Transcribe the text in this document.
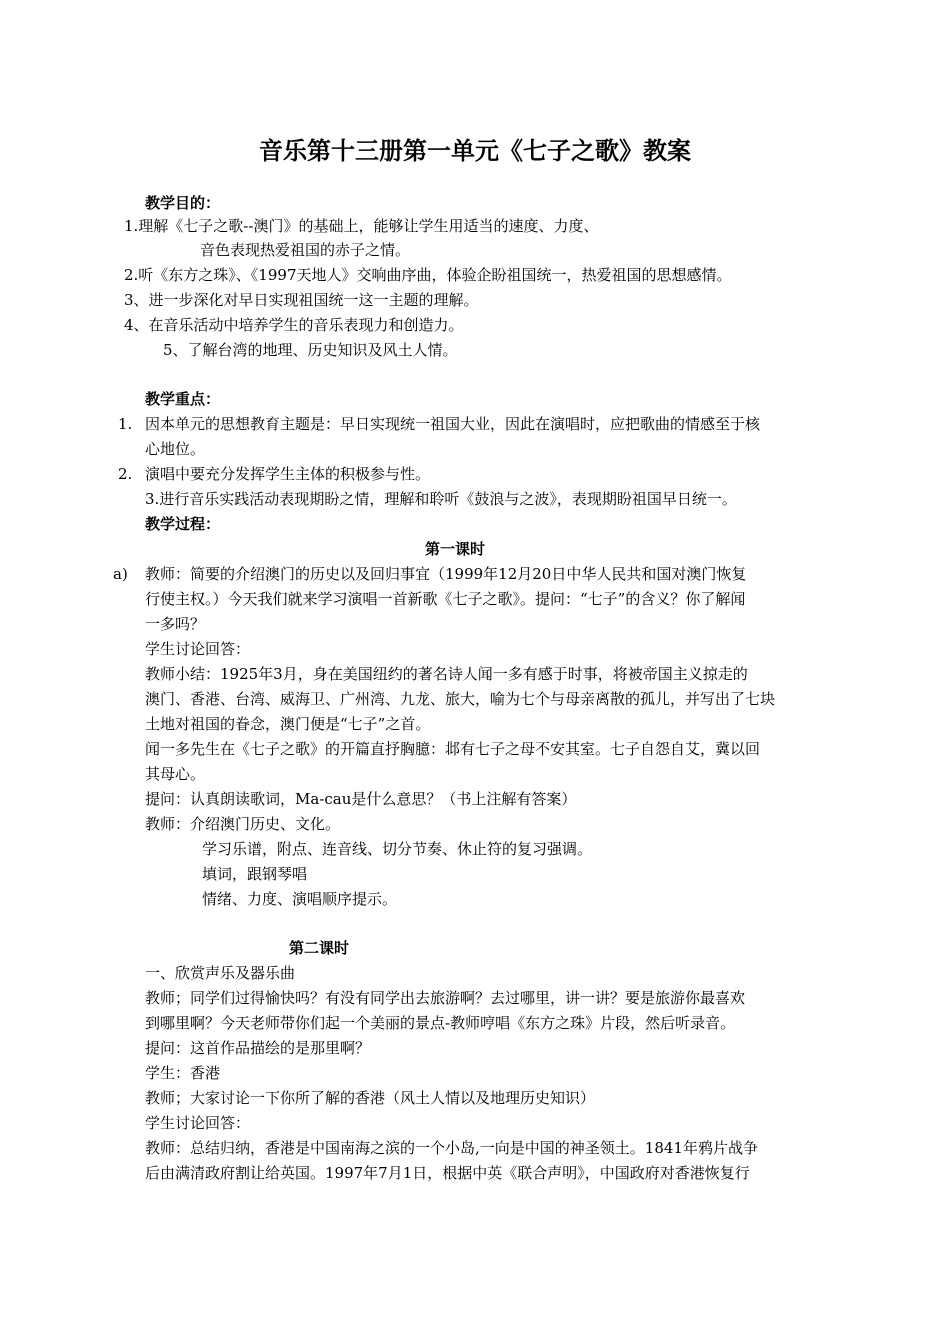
音乐第十三册第一单元《七子之歌》教案
教学目的：
1.理解《七子之歌--澳门》的基础上，能够让学生用适当的速度、力度、
音色表现热爱祖国的赤子之情。
2.听《东方之珠》、《1997天地人》交响曲序曲，体验企盼祖国统一，热爱祖国的思想感情。
3、进一步深化对早日实现祖国统一这一主题的理解。
4、在音乐活动中培养学生的音乐表现力和创造力。
5、了解台湾的地理、历史知识及风土人情。
教学重点：
1. 因本单元的思想教育主题是：早日实现统一祖国大业，因此在演唱时，应把歌曲的情感至于核
心地位。
2. 演唱中要充分发挥学生主体的积极参与性。
3.进行音乐实践活动表现期盼之情，理解和聆听《鼓浪与之波》，表现期盼祖国早日统一。
教学过程：
第一课时
a) 教师：简要的介绍澳门的历史以及回归事宜（1999年12月20日中华人民共和国对澳门恢复
行使主权。）今天我们就来学习演唱一首新歌《七子之歌》。提问：“七子”的含义？你了解闻
一多吗？
学生讨论回答：
教师小结：1925年3月，身在美国纽约的著名诗人闻一多有感于时事，将被帝国主义掠走的
澳门、香港、台湾、威海卫、广州湾、九龙、旅大，喻为七个与母亲离散的孤儿，并写出了七块
土地对祖国的眷念，澳门便是“七子”之首。
闻一多先生在《七子之歌》的开篇直抒胸臆：邶有七子之母不安其室。七子自怨自艾，冀以回
其母心。
提问：认真朗读歌词，Ma-cau是什么意思？（书上注解有答案）
教师：介绍澳门历史、文化。
学习乐谱，附点、连音线、切分节奏、休止符的复习强调。
填词，跟钢琴唱
情绪、力度、演唱顺序提示。
第二课时
一、欣赏声乐及器乐曲
教师；同学们过得愉快吗？有没有同学出去旅游啊？去过哪里，讲一讲？要是旅游你最喜欢
到哪里啊？今天老师带你们起一个美丽的景点-教师哼唱《东方之珠》片段，然后听录音。
提问：这首作品描绘的是那里啊？
学生：香港
教师；大家讨论一下你所了解的香港（风土人情以及地理历史知识）
学生讨论回答：
教师：总结归纳，香港是中国南海之滨的一个小岛,一向是中国的神圣领土。1841年鸦片战争
后由满清政府割让给英国。1997年7月1日，根据中英《联合声明》，中国政府对香港恢复行
